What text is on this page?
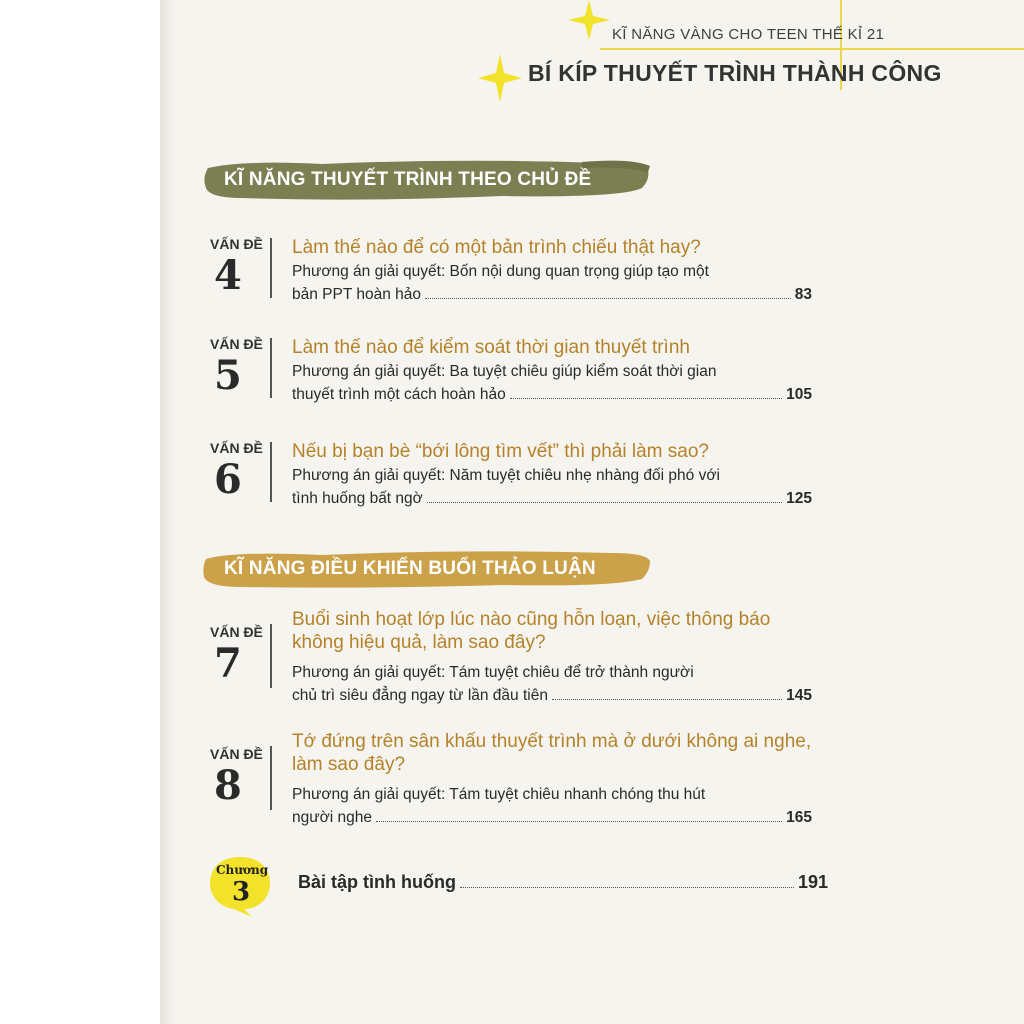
KĨ NĂNG VÀNG CHO TEEN THẾ KỈ 21
BÍ KÍP THUYẾT TRÌNH THÀNH CÔNG
KĨ NĂNG THUYẾT TRÌNH THEO CHỦ ĐỀ
VẤN ĐỀ
4
Làm thế nào để có một bản trình chiếu thật hay?
Phương án giải quyết: Bốn nội dung quan trọng giúp tạo một
bản PPT hoàn hảo	83
VẤN ĐỀ
5
Làm thế nào để kiểm soát thời gian thuyết trình
Phương án giải quyết: Ba tuyệt chiêu giúp kiểm soát thời gian
thuyết trình một cách hoàn hảo	105
VẤN ĐỀ
6
Nếu bị bạn bè “bới lông tìm vết” thì phải làm sao?
Phương án giải quyết: Năm tuyệt chiêu nhẹ nhàng đối phó với
tình huống bất ngờ	125
KĨ NĂNG ĐIỀU KHIỂN BUỔI THẢO LUẬN
VẤN ĐỀ
7
Buổi sinh hoạt lớp lúc nào cũng hỗn loạn, việc thông báo không hiệu quả, làm sao đây?
Phương án giải quyết: Tám tuyệt chiêu để trở thành người
chủ trì siêu đẳng ngay từ lần đầu tiên	145
VẤN ĐỀ
8
Tớ đứng trên sân khấu thuyết trình mà ở dưới không ai nghe, làm sao đây?
Phương án giải quyết: Tám tuyệt chiêu nhanh chóng thu hút
người nghe	165
Chương
3	Bài tập tình huống	191
